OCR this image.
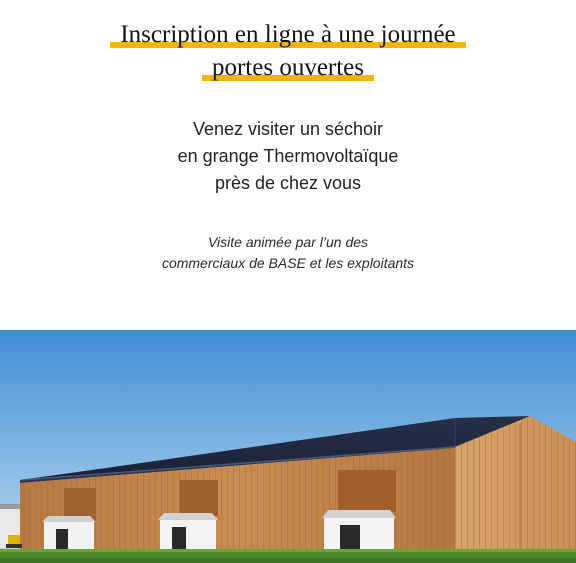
Inscription en ligne à une journée
portes ouvertes
Venez visiter un séchoir
en grange Thermovoltaïque
près de chez vous
Visite animée par l’un des
commerciaux de BASE et les exploitants
